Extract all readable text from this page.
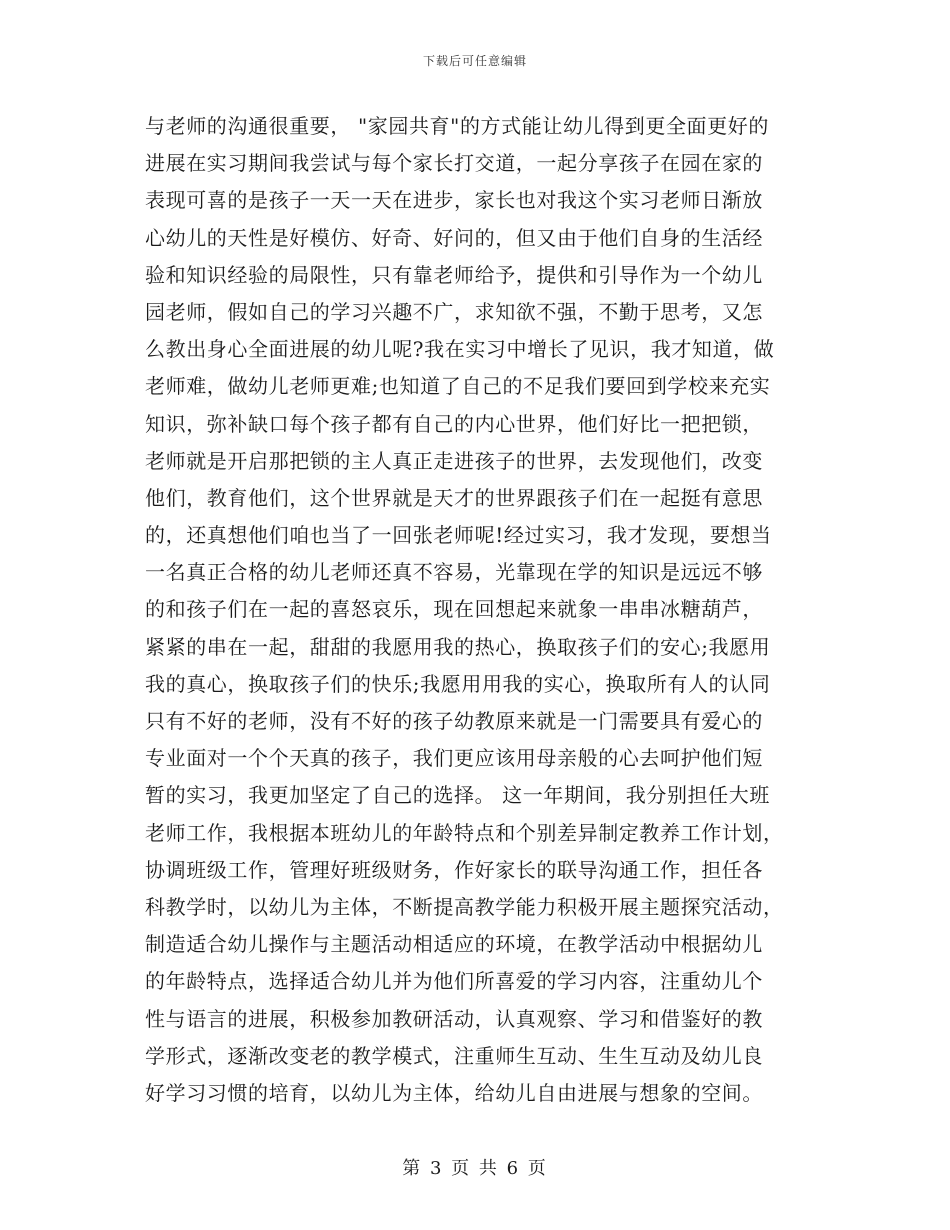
下载后可任意编辑
与老师的沟通很重要， "家园共育"的方式能让幼儿得到更全面更好的
进展在实习期间我尝试与每个家长打交道，一起分享孩子在园在家的
表现可喜的是孩子一天一天在进步，家长也对我这个实习老师日渐放
心幼儿的天性是好模仿、好奇、好问的，但又由于他们自身的生活经
验和知识经验的局限性，只有靠老师给予，提供和引导作为一个幼儿
园老师，假如自己的学习兴趣不广，求知欲不强，不勤于思考，又怎
么教出身心全面进展的幼儿呢?我在实习中增长了见识，我才知道，做
老师难，做幼儿老师更难;也知道了自己的不足我们要回到学校来充实
知识，弥补缺口每个孩子都有自己的内心世界，他们好比一把把锁，
老师就是开启那把锁的主人真正走进孩子的世界，去发现他们，改变
他们，教育他们，这个世界就是天才的世界跟孩子们在一起挺有意思
的，还真想他们咱也当了一回张老师呢!经过实习，我才发现，要想当
一名真正合格的幼儿老师还真不容易，光靠现在学的知识是远远不够
的和孩子们在一起的喜怒哀乐，现在回想起来就象一串串冰糖葫芦，
紧紧的串在一起，甜甜的我愿用我的热心，换取孩子们的安心;我愿用
我的真心，换取孩子们的快乐;我愿用用我的实心，换取所有人的认同
只有不好的老师，没有不好的孩子幼教原来就是一门需要具有爱心的
专业面对一个个天真的孩子，我们更应该用母亲般的心去呵护他们短
暂的实习，我更加坚定了自己的选择。 这一年期间，我分别担任大班
老师工作，我根据本班幼儿的年龄特点和个别差异制定教养工作计划，
协调班级工作，管理好班级财务，作好家长的联导沟通工作，担任各
科教学时，以幼儿为主体，不断提高教学能力积极开展主题探究活动，
制造适合幼儿操作与主题活动相适应的环境，在教学活动中根据幼儿
的年龄特点，选择适合幼儿并为他们所喜爱的学习内容，注重幼儿个
性与语言的进展，积极参加教研活动，认真观察、学习和借鉴好的教
学形式，逐渐改变老的教学模式，注重师生互动、生生互动及幼儿良
好学习习惯的培育，以幼儿为主体，给幼儿自由进展与想象的空间。
第 3 页 共 6 页
